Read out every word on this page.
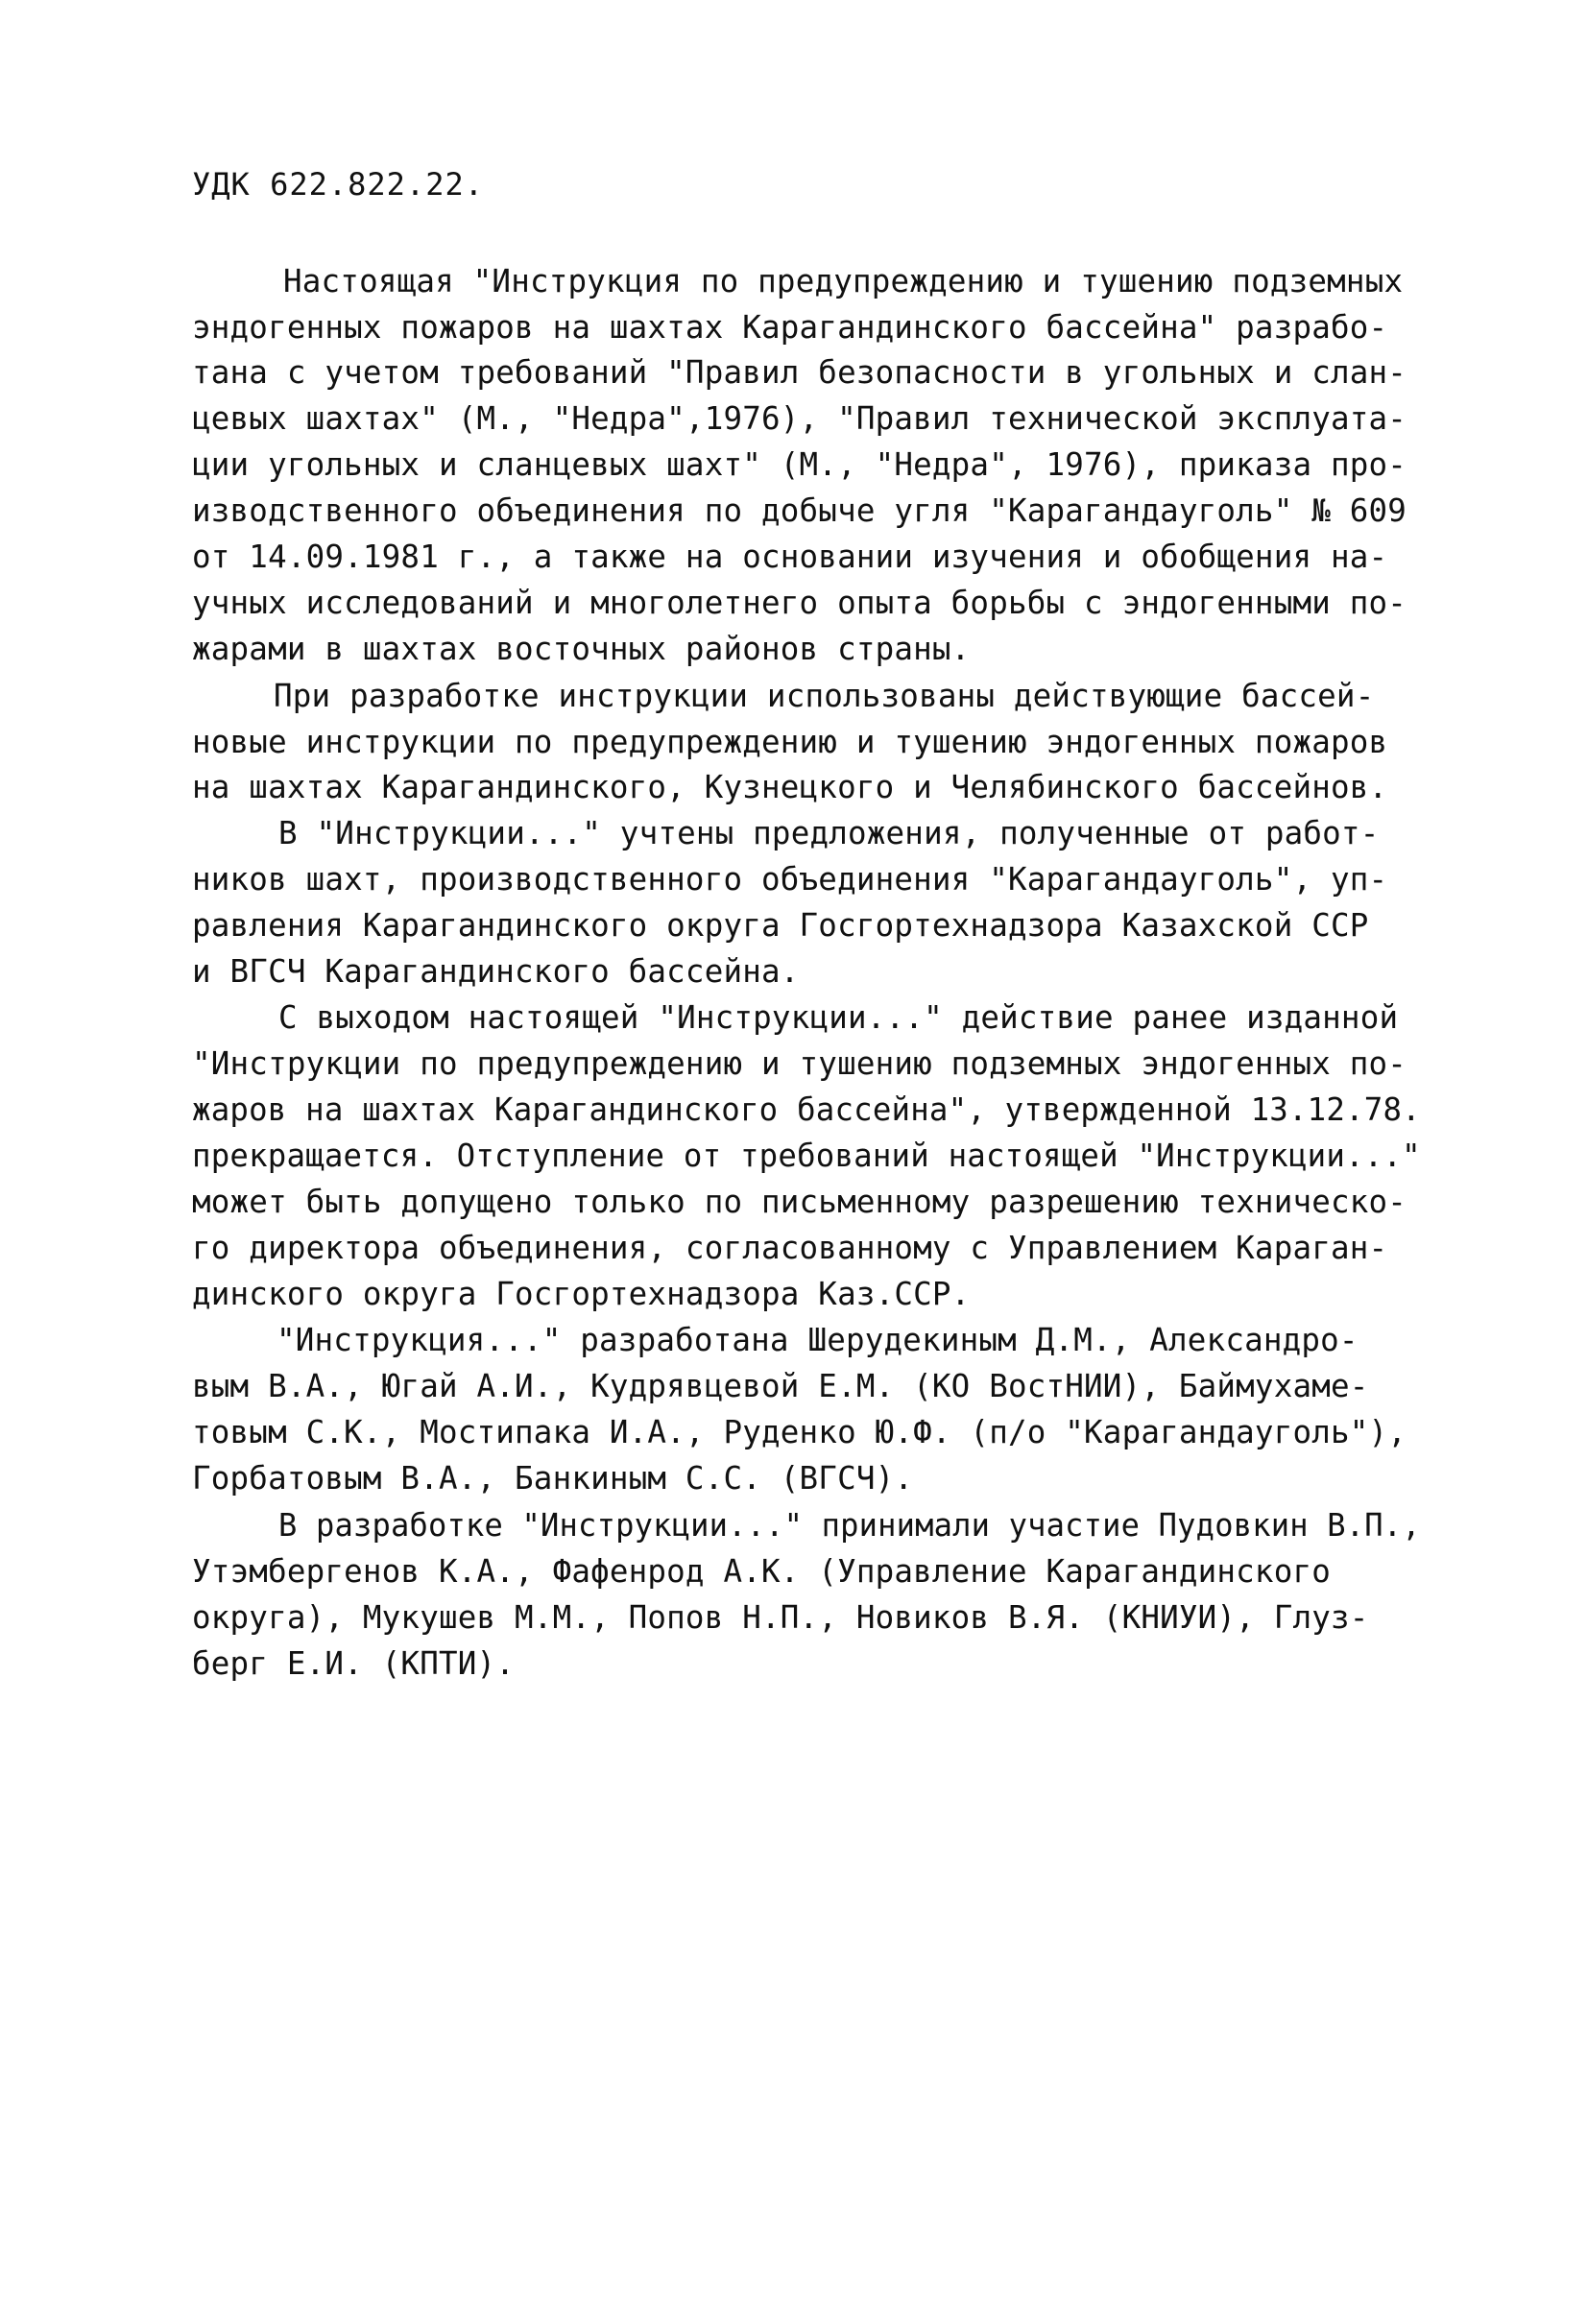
УДК 622.822.22.
Настоящая "Инструкция по предупреждению и тушению подземных
эндогенных пожаров на шахтах Карагандинского бассейна" разрабо-
тана с учетом требований "Правил безопасности в угольных и слан-
цевых шахтах" (М., "Недра",1976), "Правил технической эксплуата-
ции угольных и сланцевых шахт" (М., "Недра", 1976), приказа про-
изводственного объединения по добыче угля "Карагандауголь" № 609
от 14.09.1981 г., а также на основании изучения и обобщения на-
учных исследований и многолетнего опыта борьбы с эндогенными по-
жарами в шахтах восточных районов страны.
При разработке инструкции использованы действующие бассей-
новые инструкции по предупреждению и тушению эндогенных пожаров
на шахтах Карагандинского, Кузнецкого и Челябинского бассейнов.
В "Инструкции..." учтены предложения, полученные от работ-
ников шахт, производственного объединения "Карагандауголь", уп-
равления Карагандинского округа Госгортехнадзора Казахской ССР
и ВГСЧ Карагандинского бассейна.
С выходом настоящей "Инструкции..." действие ранее изданной
"Инструкции по предупреждению и тушению подземных эндогенных по-
жаров на шахтах Карагандинского бассейна", утвержденной 13.12.78.
прекращается. Отступление от требований настоящей "Инструкции..."
может быть допущено только по письменному разрешению техническо-
го директора объединения, согласованному с Управлением Караган-
динского округа Госгортехнадзора Каз.ССР.
"Инструкция..." разработана Шерудекиным Д.М., Александро-
вым В.А., Югай А.И., Кудрявцевой Е.М. (КО ВостНИИ), Баймухаме-
товым С.К., Мостипака И.А., Руденко Ю.Ф. (п/о "Карагандауголь"),
Горбатовым В.А., Банкиным С.С. (ВГСЧ).
В разработке "Инструкции..." принимали участие Пудовкин В.П.,
Утэмбергенов К.А., Фафенрод А.К. (Управление Карагандинского
округа), Мукушев М.М., Попов Н.П., Новиков В.Я. (КНИУИ), Глуз-
берг Е.И. (КПТИ).
